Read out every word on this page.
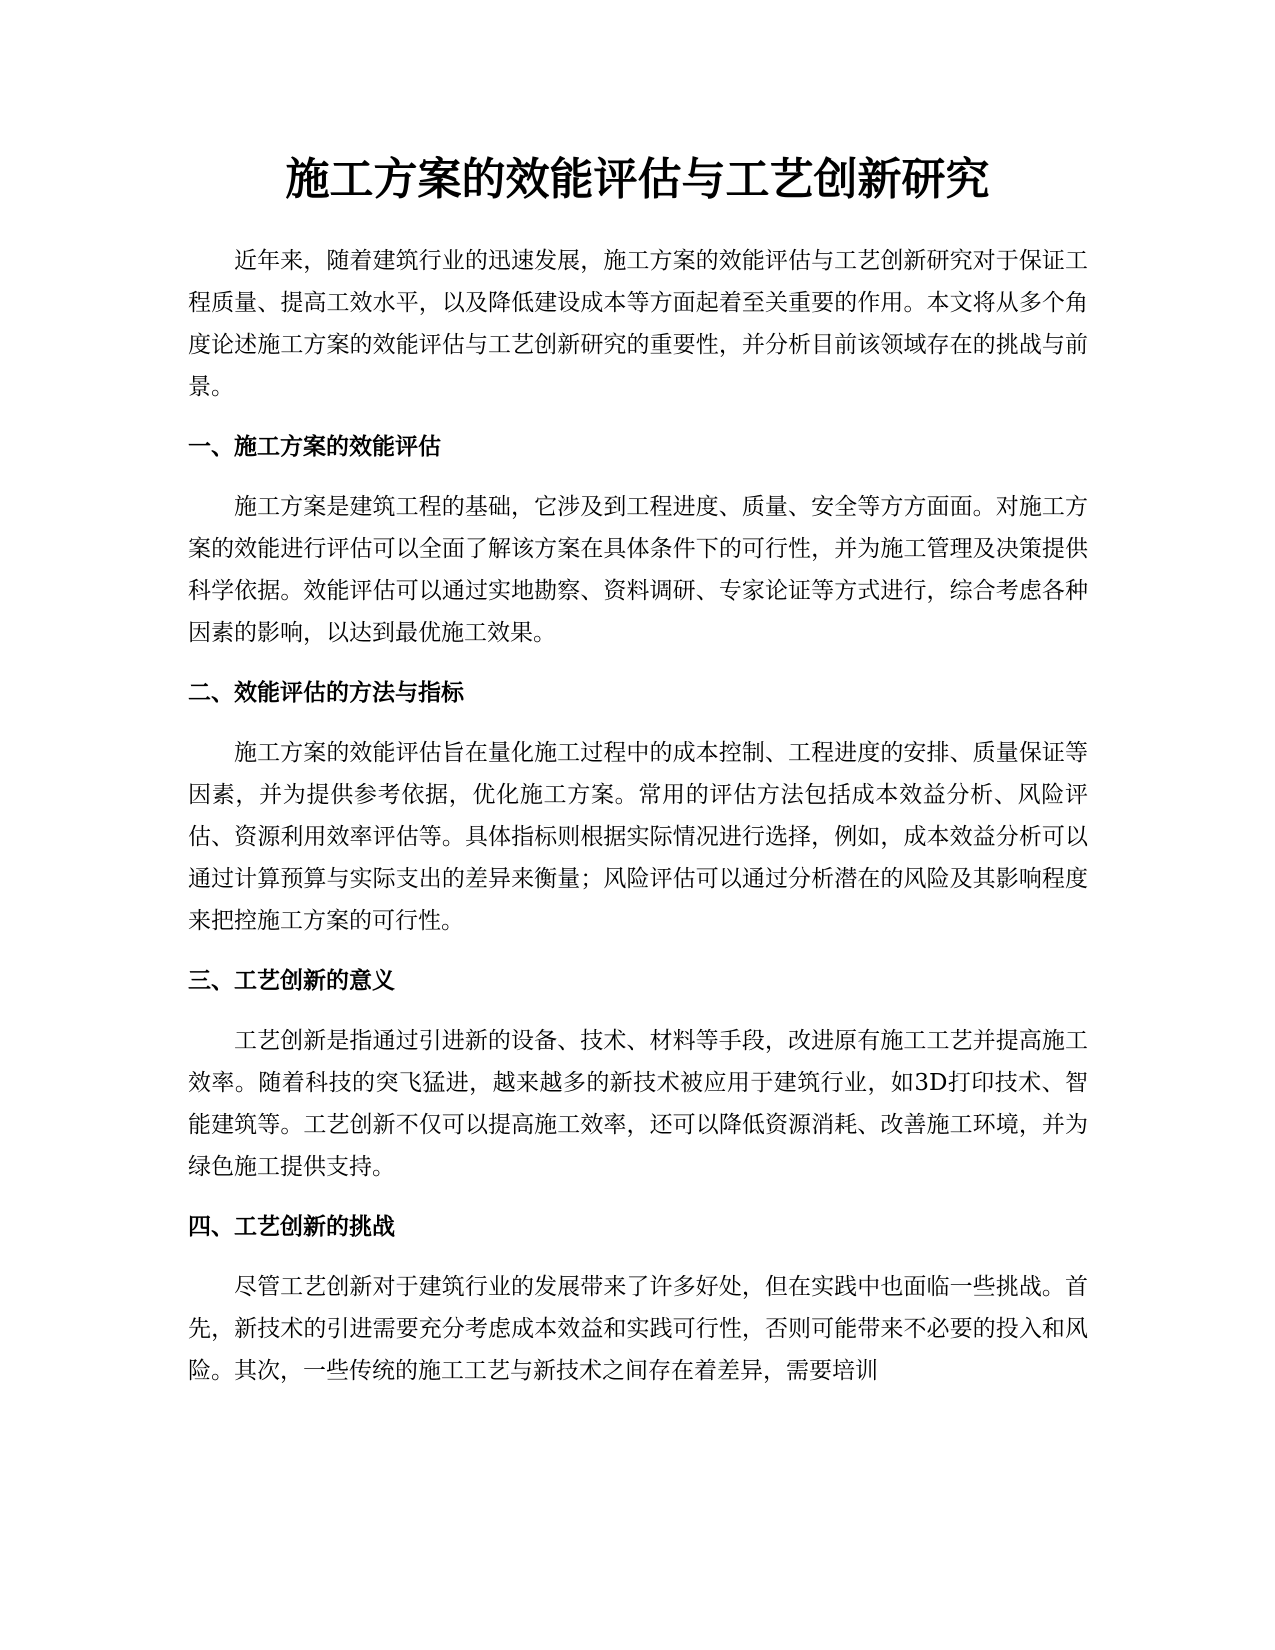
施工方案的效能评估与工艺创新研究

近年来，随着建筑行业的迅速发展，施工方案的效能评估与工艺创新研究对于保证工程质量、提高工效水平，以及降低建设成本等方面起着至关重要的作用。本文将从多个角度论述施工方案的效能评估与工艺创新研究的重要性，并分析目前该领域存在的挑战与前景。

一、施工方案的效能评估

施工方案是建筑工程的基础，它涉及到工程进度、质量、安全等方方面面。对施工方案的效能进行评估可以全面了解该方案在具体条件下的可行性，并为施工管理及决策提供科学依据。效能评估可以通过实地勘察、资料调研、专家论证等方式进行，综合考虑各种因素的影响，以达到最优施工效果。

二、效能评估的方法与指标

施工方案的效能评估旨在量化施工过程中的成本控制、工程进度的安排、质量保证等因素，并为提供参考依据，优化施工方案。常用的评估方法包括成本效益分析、风险评估、资源利用效率评估等。具体指标则根据实际情况进行选择，例如，成本效益分析可以通过计算预算与实际支出的差异来衡量；风险评估可以通过分析潜在的风险及其影响程度来把控施工方案的可行性。

三、工艺创新的意义

工艺创新是指通过引进新的设备、技术、材料等手段，改进原有施工工艺并提高施工效率。随着科技的突飞猛进，越来越多的新技术被应用于建筑行业，如3D打印技术、智能建筑等。工艺创新不仅可以提高施工效率，还可以降低资源消耗、改善施工环境，并为绿色施工提供支持。

四、工艺创新的挑战

尽管工艺创新对于建筑行业的发展带来了许多好处，但在实践中也面临一些挑战。首先，新技术的引进需要充分考虑成本效益和实践可行性，否则可能带来不必要的投入和风险。其次，一些传统的施工工艺与新技术之间存在着差异，需要培训
